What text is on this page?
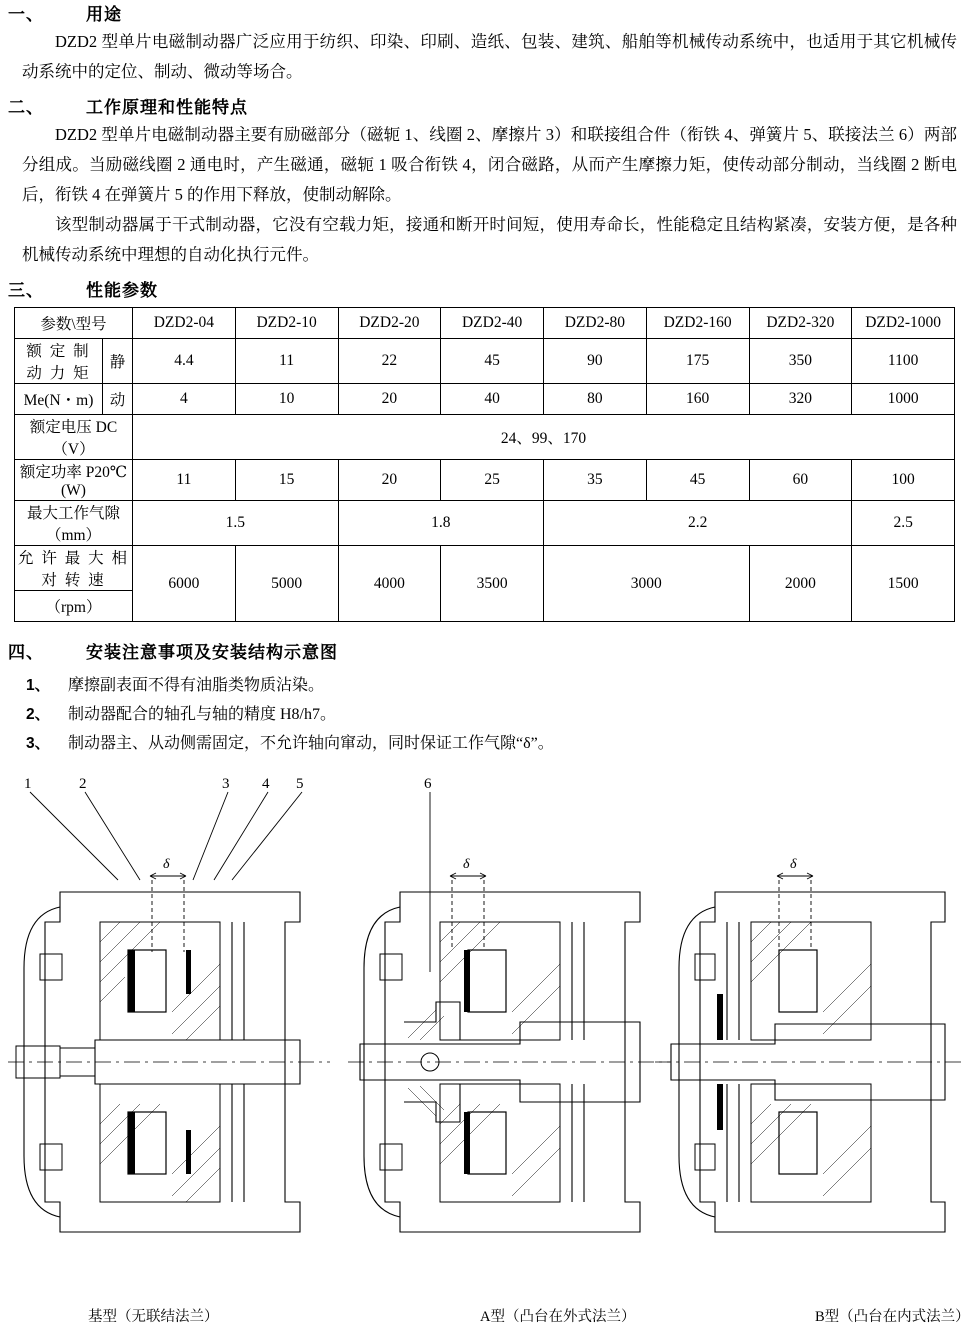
一、	用途

DZD2 型单片电磁制动器广泛应用于纺织、印染、印刷、造纸、包装、建筑、船舶等机械传动系统中，也适用于其它机械传动系统中的定位、制动、微动等场合。

二、	工作原理和性能特点

DZD2 型单片电磁制动器主要有励磁部分（磁轭 1、线圈 2、摩擦片 3）和联接组合件（衔铁 4、弹簧片 5、联接法兰 6）两部分组成。当励磁线圈 2 通电时，产生磁通，磁轭 1 吸合衔铁 4，闭合磁路，从而产生摩擦力矩，使传动部分制动，当线圈 2 断电后，衔铁 4 在弹簧片 5 的作用下释放，使制动解除。

该型制动器属于干式制动器，它没有空载力矩，接通和断开时间短，使用寿命长，性能稳定且结构紧凑，安装方便，是各种机械传动系统中理想的自动化执行元件。

三、	性能参数
参数\型号		DZD2-04	DZD2-10	DZD2-20	DZD2-40	DZD2-80	DZD2-160	DZD2-320	DZD2-1000
额 定 制 动 力 矩	静	4.4	11	22	45	90	175	350	1100
Me(N・m)	动	4	10	20	40	80	160	320	1000
额定电压 DC（V）		24、99、170							
额定功率 P20℃(W)		11	15	20	25	35	45	60	100
最大工作气隙（mm）		1.5		1.8		2.2			2.5
允 许 最 大 相 对 转 速		6000	5000	4000	3500	3000		2000	1500
（rpm）									
四、	安装注意事项及安装结构示意图
1、	摩擦副表面不得有油脂类物质沾染。
2、	制动器配合的轴孔与轴的精度 H8/h7。
3、	制动器主、从动侧需固定，不允许轴向窜动，同时保证工作气隙“δ”。
1	2	3 4 5	6
δ	δ	δ
基型（无联结法兰）	A型（凸台在外式法兰）	B型（凸台在内式法兰）
